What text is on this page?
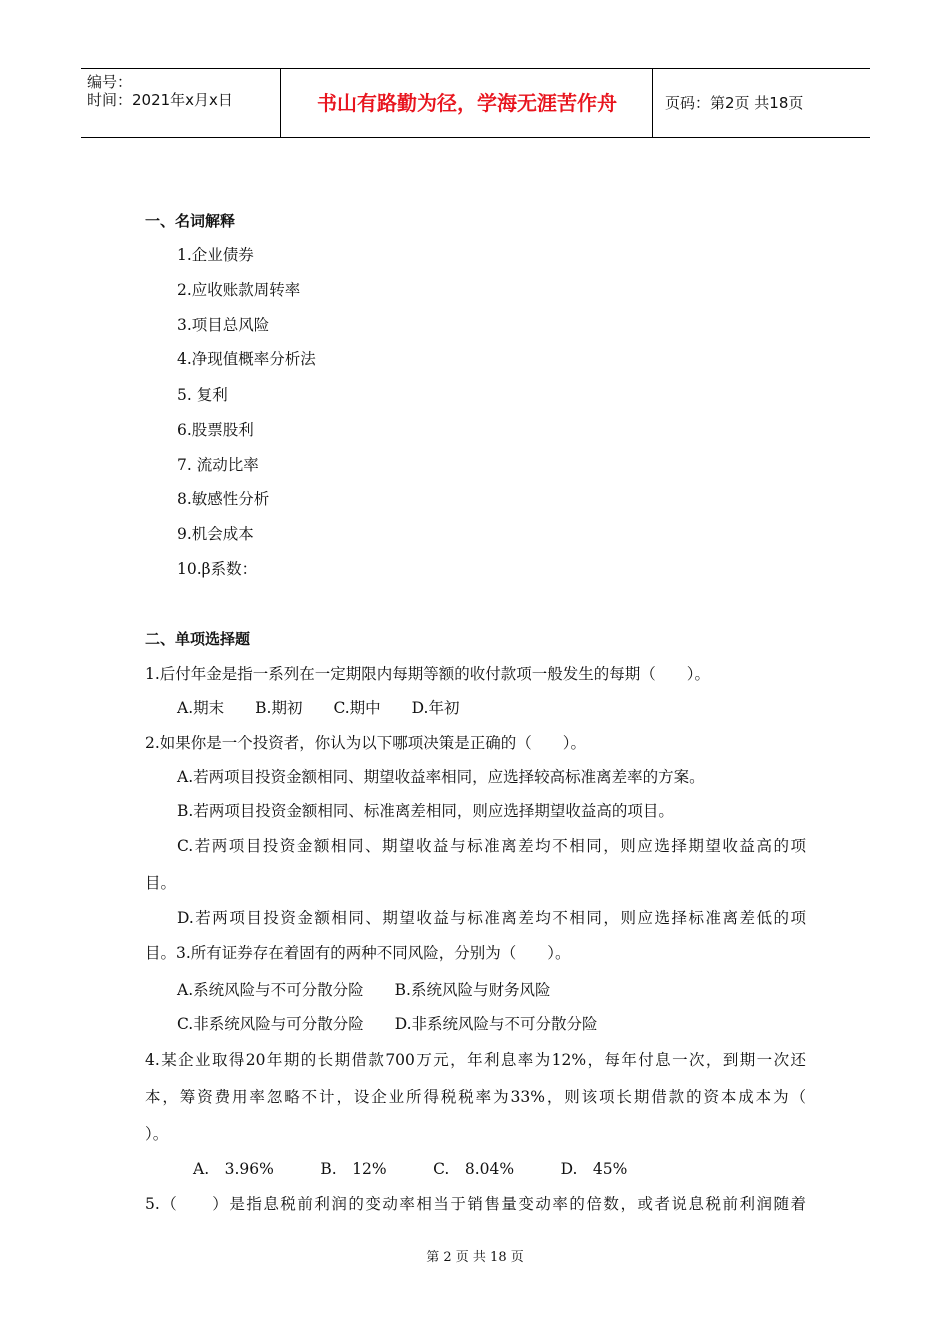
编号：
时间：2021年x月x日	书山有路勤为径，学海无涯苦作舟	页码：第2页 共18页
一、名词解释
1.企业债券
2.应收账款周转率
3.项目总风险
4.净现值概率分析法
5. 复利
6.股票股利
7. 流动比率
8.敏感性分析
9.机会成本
10.β系数：
二、单项选择题
1.后付年金是指一系列在一定期限内每期等额的收付款项一般发生的每期（　　）。
A.期末　　B.期初　　C.期中　　D.年初
2.如果你是一个投资者，你认为以下哪项决策是正确的（　　）。
A.若两项目投资金额相同、期望收益率相同，应选择较高标准离差率的方案。
B.若两项目投资金额相同、标准离差相同，则应选择期望收益高的项目。
C.若两项目投资金额相同、期望收益与标准离差均不相同，则应选择期望收益高的项
目。
D.若两项目投资金额相同、期望收益与标准离差均不相同，则应选择标准离差低的项
目。3.所有证券存在着固有的两种不同风险，分别为（　　）。
A.系统风险与不可分散分险　　B.系统风险与财务风险
C.非系统风险与可分散分险　　D.非系统风险与不可分散分险
4.某企业取得20年期的长期借款700万元，年利息率为12%，每年付息一次，到期一次还
本，筹资费用率忽略不计，设企业所得税税率为33%，则该项长期借款的资本成本为（
）。
A.　3.96%　　　B.　12%　　　C.　8.04%　　　D.　45%
5.（　　）是指息税前利润的变动率相当于销售量变动率的倍数，或者说息税前利润随着
第 2 页 共 18 页
